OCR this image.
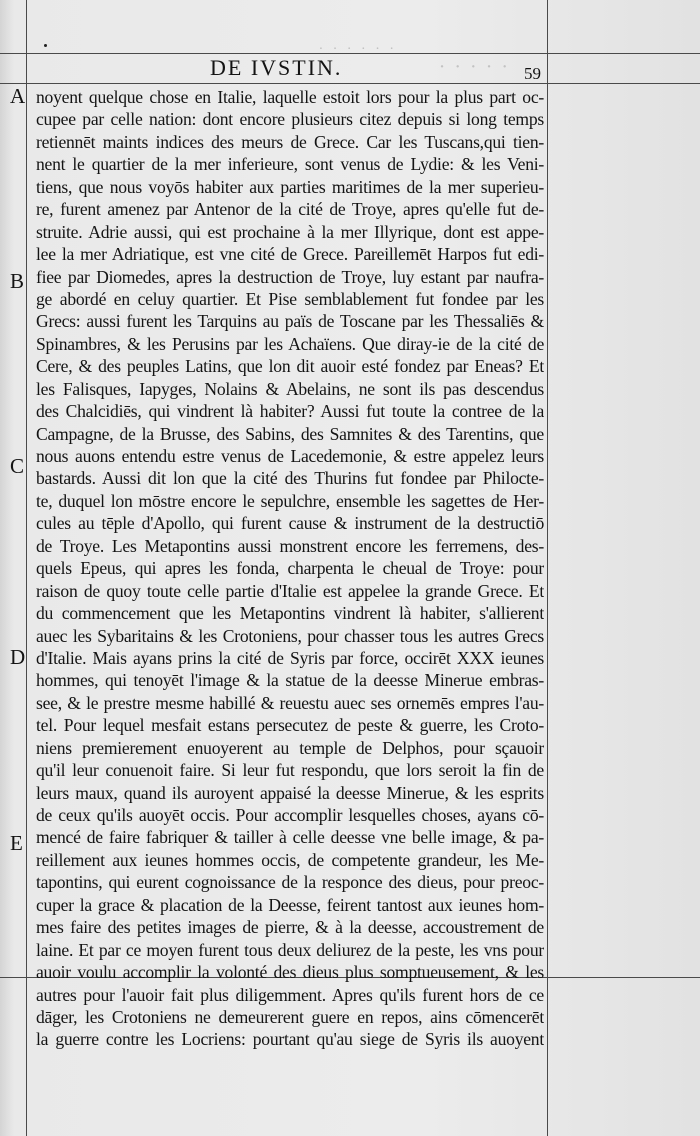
· · · · · ·
· · · · ·
DE IVSTIN.	59
A
B
C
D
E
noyent quelque chose en Italie, laquelle estoit lors pour la plus part oc-
cupee par celle nation: dont encore plusieurs citez depuis si long temps
retiennēt maints indices des meurs de Grece. Car les Tuscans,qui tien-
nent le quartier de la mer inferieure, sont venus de Lydie: & les Veni-
tiens, que nous voyōs habiter aux parties maritimes de la mer superieu-
re, furent amenez par Antenor de la cité de Troye, apres qu'elle fut de-
struite. Adrie aussi, qui est prochaine à la mer Illyrique, dont est appe-
lee la mer Adriatique, est vne cité de Grece. Pareillemēt Harpos fut edi-
fiee par Diomedes, apres la destruction de Troye, luy estant par naufra-
ge abordé en celuy quartier. Et Pise semblablement fut fondee par les
Grecs: aussi furent les Tarquins au païs de Toscane par les Thessaliēs &
Spinambres, & les Perusins par les Achaïens. Que diray-ie de la cité de
Cere, & des peuples Latins, que lon dit auoir esté fondez par Eneas? Et
les Falisques, Iapyges, Nolains & Abelains, ne sont ils pas descendus
des Chalcidiēs, qui vindrent là habiter? Aussi fut toute la contree de la
Campagne, de la Brusse, des Sabins, des Samnites & des Tarentins, que
nous auons entendu estre venus de Lacedemonie, & estre appelez leurs
bastards. Aussi dit lon que la cité des Thurins fut fondee par Philocte-
te, duquel lon mōstre encore le sepulchre, ensemble les sagettes de Her-
cules au tēple d'Apollo, qui furent cause & instrument de la destructiō
de Troye. Les Metapontins aussi monstrent encore les ferremens, des-
quels Epeus, qui apres les fonda, charpenta le cheual de Troye: pour
raison de quoy toute celle partie d'Italie est appelee la grande Grece. Et
du commencement que les Metapontins vindrent là habiter, s'allierent
auec les Sybaritains & les Crotoniens, pour chasser tous les autres Grecs
d'Italie. Mais ayans prins la cité de Syris par force, occirēt XXX ieunes
hommes, qui tenoyēt l'image & la statue de la deesse Minerue embras-
see, & le prestre mesme habillé & reuestu auec ses ornemēs empres l'au-
tel. Pour lequel mesfait estans persecutez de peste & guerre, les Croto-
niens premierement enuoyerent au temple de Delphos, pour sçauoir
qu'il leur conuenoit faire. Si leur fut respondu, que lors seroit la fin de
leurs maux, quand ils auroyent appaisé la deesse Minerue, & les esprits
de ceux qu'ils auoyēt occis. Pour accomplir lesquelles choses, ayans cō-
mencé de faire fabriquer & tailler à celle deesse vne belle image, & pa-
reillement aux ieunes hommes occis, de competente grandeur, les Me-
tapontins, qui eurent cognoissance de la responce des dieus, pour preoc-
cuper la grace & placation de la Deesse, feirent tantost aux ieunes hom-
mes faire des petites images de pierre, & à la deesse, accoustrement de
laine. Et par ce moyen furent tous deux deliurez de la peste, les vns pour
auoir voulu accomplir la volonté des dieus plus somptueusement, & les
autres pour l'auoir fait plus diligemment. Apres qu'ils furent hors de ce
dāger, les Crotoniens ne demeurerent guere en repos, ains cōmencerēt
la guerre contre les Locriens: pourtant qu'au siege de Syris ils auoyent
